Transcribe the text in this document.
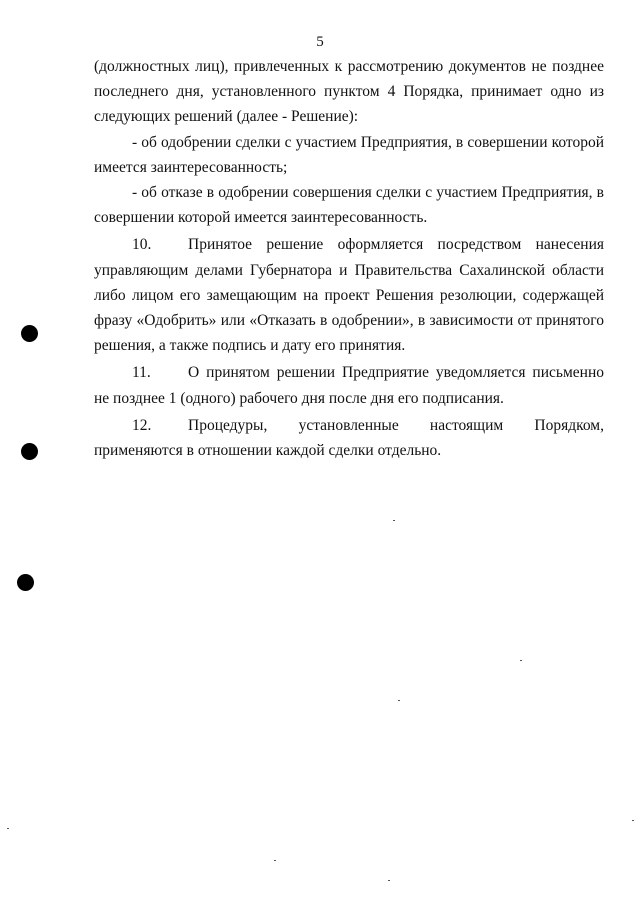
5

(должностных лиц), привлеченных к рассмотрению документов не позднее последнего дня, установленного пунктом 4 Порядка, принимает одно из следующих решений (далее - Решение):

- об одобрении сделки с участием Предприятия, в совершении которой имеется заинтересованность;

- об отказе в одобрении совершения сделки с участием Предприятия, в совершении которой имеется заинтересованность.

10. Принятое решение оформляется посредством нанесения управляющим делами Губернатора и Правительства Сахалинской области либо лицом его замещающим на проект Решения резолюции, содержащей фразу «Одобрить» или «Отказать в одобрении», в зависимости от принятого решения, а также подпись и дату его принятия.

11. О принятом решении Предприятие уведомляется письменно не позднее 1 (одного) рабочего дня после дня его подписания.

12. Процедуры, установленные настоящим Порядком, применяются в отношении каждой сделки отдельно.
